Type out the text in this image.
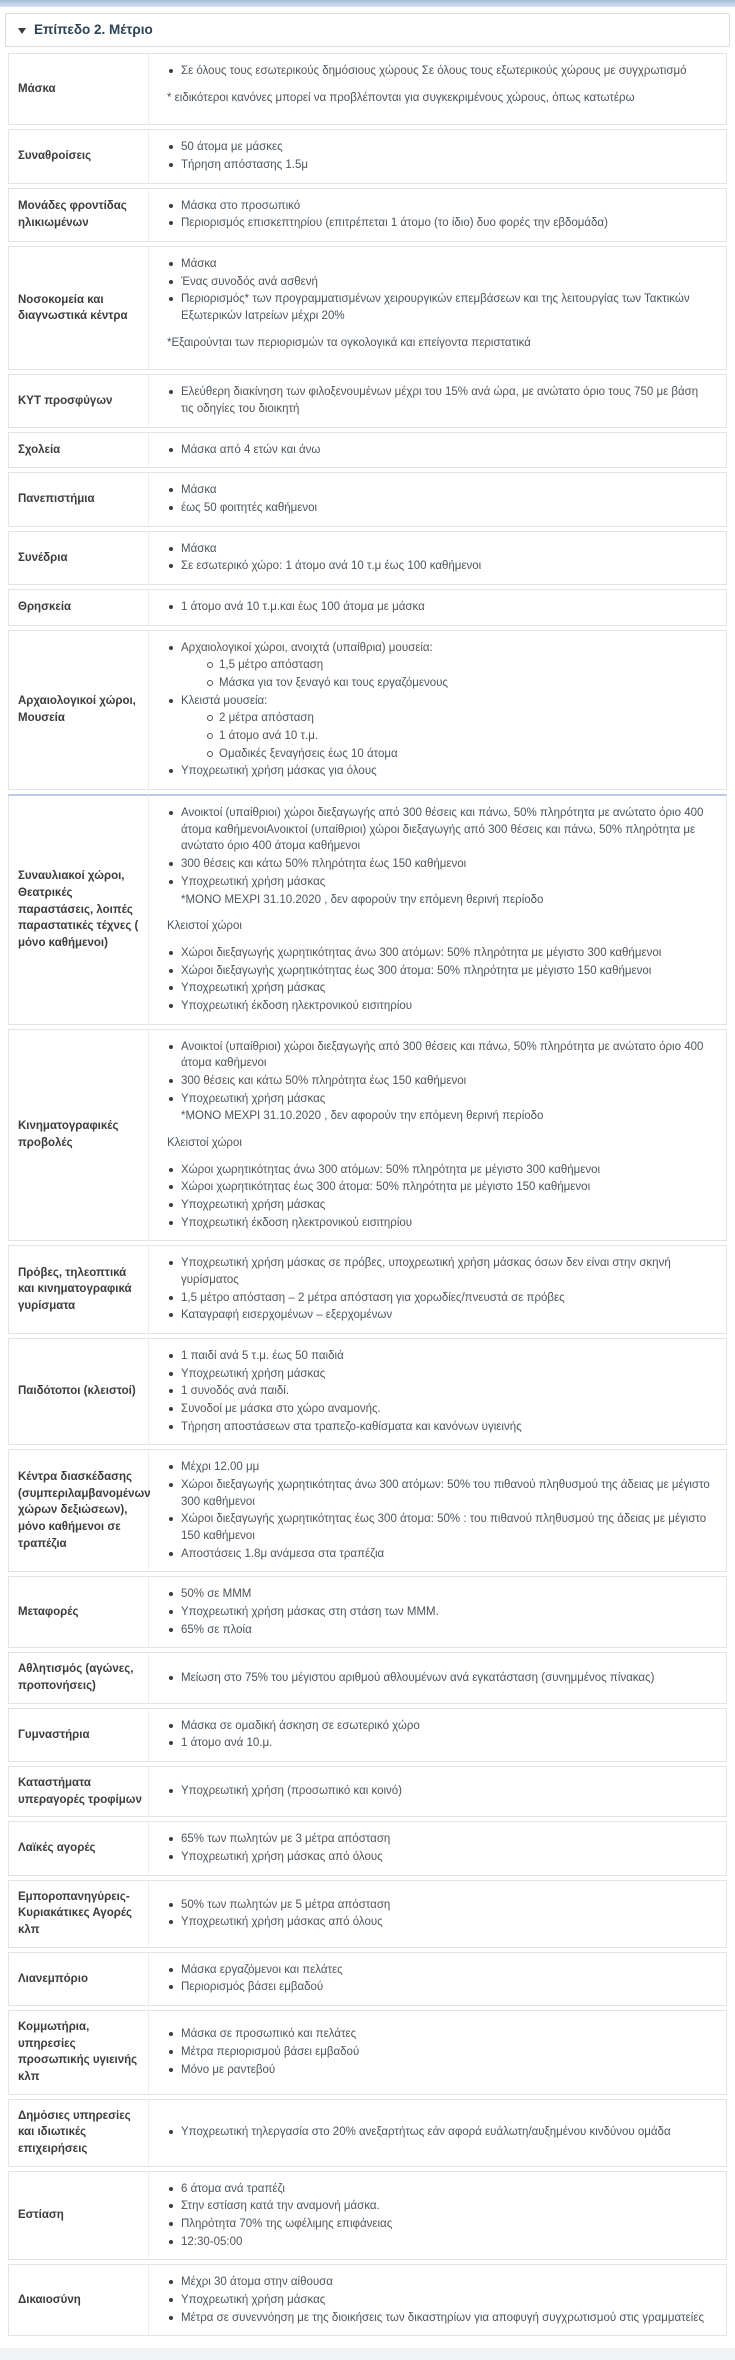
Επίπεδο 2. Μέτριο
Μάσκα	Σε όλους τους εσωτερικούς δημόσιους χώρους Σε όλους τους εξωτερικούς χώρους με συγχρωτισμό
* ειδικότεροι κανόνες μπορεί να προβλέπονται για συγκεκριμένους χώρους, όπως κατωτέρω

Συναθροίσεις	50 άτομα με μάσκες
Τήρηση απόστασης 1.5μ

Μονάδες φροντίδας ηλικιωμένων	Μάσκα στο προσωπικό
Περιορισμός επισκεπτηρίου (επιτρέπεται 1 άτομο (το ίδιο) δυο φορές την εβδομάδα)

Νοσοκομεία και διαγνωστικά κέντρα	Μάσκα
Ένας συνοδός ανά ασθενή
Περιορισμός* των προγραμματισμένων χειρουργικών επεμβάσεων και της λειτουργίας των Τακτικών Εξωτερικών Ιατρείων μέχρι 20%
*Εξαιρούνται των περιορισμών τα ογκολογικά και επείγοντα περιστατικά

ΚΥΤ προσφύγων	Ελεύθερη διακίνηση των φιλοξενουμένων μέχρι του 15% ανά ώρα, με ανώτατο όριο τους 750 με βάση τις οδηγίες του διοικητή

Σχολεία	Μάσκα από 4 ετών και άνω

Πανεπιστήμια	Μάσκα
έως 50 φοιτητές καθήμενοι

Συνέδρια	Μάσκα
Σε εσωτερικό χώρο: 1 άτομο ανά 10 τ.μ έως 100 καθήμενοι

Θρησκεία	1 άτομο ανά 10 τ.μ.και έως 100 άτομα με μάσκα

Αρχαιολογικοί χώροι, Μουσεία	
Αρχαιολογικοί χώροι, ανοιχτά (υπαίθρια) μουσεία:
1,5 μέτρο απόσταση
Μάσκα για τον ξεναγό και τους εργαζόμενους
Κλειστά μουσεία:
2 μέτρα απόσταση
1 άτομο ανά 10 τ.μ.
Ομαδικές ξεναγήσεις έως 10 άτομα
Υποχρεωτική χρήση μάσκας για όλους

Συναυλιακοί χώροι, Θεατρικές παραστάσεις, λοιπές παραστατικές τέχνες ( μόνο καθήμενοι)	
Ανοικτοί (υπαίθριοι) χώροι διεξαγωγής από 300 θέσεις και πάνω, 50% πληρότητα με ανώτατο όριο 400 άτομα καθήμενοιΑνοικτοί (υπαίθριοι) χώροι διεξαγωγής από 300 θέσεις και πάνω, 50% πληρότητα με ανώτατο όριο 400 άτομα καθήμενοι
300 θέσεις και κάτω 50% πληρότητα έως 150 καθήμενοι
Υποχρεωτική χρήση μάσκας
*ΜΟΝΟ ΜΕΧΡΙ 31.10.2020 , δεν αφορούν την επόμενη θερινή περίοδο
Κλειστοί χώροι
Χώροι διεξαγωγής χωρητικότητας άνω 300 ατόμων: 50% πληρότητα με μέγιστο 300 καθήμενοι
Χώροι διεξαγωγής χωρητικότητας έως 300 άτομα: 50% πληρότητα με μέγιστο 150 καθήμενοι
Υποχρεωτική χρήση μάσκας
Υποχρεωτική έκδοση ηλεκτρονικού εισιτηρίου

Κινηματογραφικές προβολές	
Ανοικτοί (υπαίθριοι) χώροι διεξαγωγής από 300 θέσεις και πάνω, 50% πληρότητα με ανώτατο όριο 400 άτομα καθήμενοι
300 θέσεις και κάτω 50% πληρότητα έως 150 καθήμενοι
Υποχρεωτική χρήση μάσκας
*ΜΟΝΟ ΜΕΧΡΙ 31.10.2020 , δεν αφορούν την επόμενη θερινή περίοδο
Κλειστοί χώροι
Χώροι χωρητικότητας άνω 300 ατόμων: 50% πληρότητα με μέγιστο 300 καθήμενοι
Χώροι χωρητικότητας έως 300 άτομα: 50% πληρότητα με μέγιστο 150 καθήμενοι
Υποχρεωτική χρήση μάσκας
Υποχρεωτική έκδοση ηλεκτρονικού εισιτηρίου

Πρόβες, τηλεοπτικά και κινηματογραφικά γυρίσματα	Υποχρεωτική χρήση μάσκας σε πρόβες, υποχρεωτική χρήση μάσκας όσων δεν είναι στην σκηνή γυρίσματος
1,5 μέτρο απόσταση – 2 μέτρα απόσταση για χορωδίες/πνευστά σε πρόβες
Καταγραφή εισερχομένων – εξερχομένων

Παιδότοποι (κλειστοί)	1 παιδί ανά 5 τ.μ. έως 50 παιδιά
Υποχρεωτική χρήση μάσκας
1 συνοδός ανά παιδί.
Συνοδοί με μάσκα στο χώρο αναμονής.
Τήρηση αποστάσεων στα τραπεζο-καθίσματα και κανόνων υγιεινής

Κέντρα διασκέδασης (συμπεριλαμβανομένων χώρων δεξιώσεων), μόνο καθήμενοι σε τραπέζια	Μέχρι 12.00 μμ
Χώροι διεξαγωγής χωρητικότητας άνω 300 ατόμων: 50% του πιθανού πληθυσμού της άδειας με μέγιστο 300 καθήμενοι
Χώροι διεξαγωγής χωρητικότητας έως 300 άτομα: 50% : του πιθανού πληθυσμού της άδειας με μέγιστο 150 καθήμενοι
Αποστάσεις 1.8μ ανάμεσα στα τραπέζια

Μεταφορές	50% σε ΜΜΜ
Υποχρεωτική χρήση μάσκας στη στάση των ΜΜΜ.
65% σε πλοία

Αθλητισμός (αγώνες, προπονήσεις)	Μείωση στο 75% του μέγιστου αριθμού αθλουμένων ανά εγκατάσταση (συνημμένος πίνακας)

Γυμναστήρια	Μάσκα σε ομαδική άσκηση σε εσωτερικό χώρο
1 άτομο ανά 10.μ.

Καταστήματα υπεραγορές τροφίμων	Υποχρεωτική χρήση (προσωπικό και κοινό)

Λαϊκές αγορές	65% των πωλητών με 3 μέτρα απόσταση
Υποχρεωτική χρήση μάσκας από όλους

Εμποροπανηγύρεις-Κυριακάτικες Αγορές κλπ	50% των πωλητών με 5 μέτρα απόσταση
Υποχρεωτική χρήση μάσκας από όλους

Λιανεμπόριο	Μάσκα εργαζόμενοι και πελάτες
Περιορισμός βάσει εμβαδού

Κομμωτήρια, υπηρεσίες προσωπικής υγιεινής κλπ	Μάσκα σε προσωπικό και πελάτες
Μέτρα περιορισμού βάσει εμβαδού
Μόνο με ραντεβού

Δημόσιες υπηρεσίες και ιδιωτικές επιχειρήσεις	Υποχρεωτική τηλεργασία στο 20% ανεξαρτήτως εάν αφορά ευάλωτη/αυξημένου κινδύνου ομάδα

Εστίαση	6 άτομα ανά τραπέζι
Στην εστίαση κατά την αναμονή μάσκα.
Πληρότητα 70% της ωφέλιμης επιφάνειας
12:30-05:00

Δικαιοσύνη	Μέχρι 30 άτομα στην αίθουσα
Υποχρεωτική χρήση μάσκας
Μέτρα σε συνεννόηση με της διοικήσεις των δικαστηρίων για αποφυγή συγχρωτισμού στις γραμματείες
